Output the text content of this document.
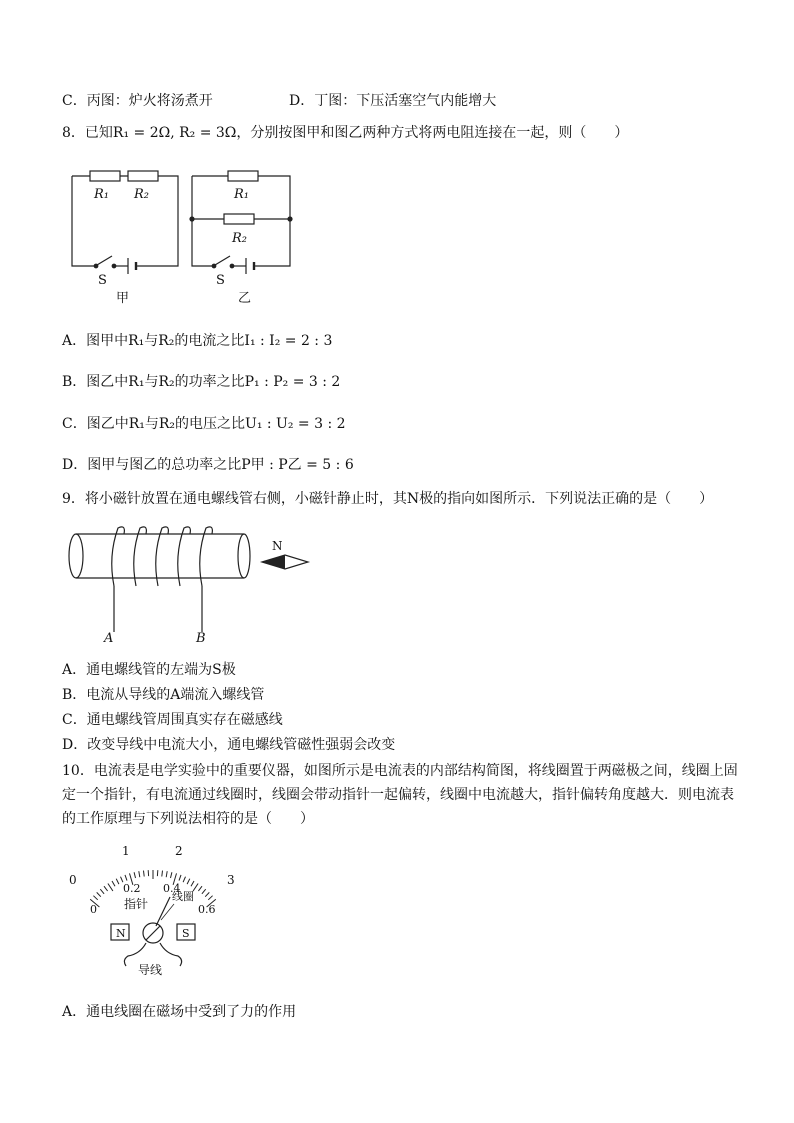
C．丙图：炉火将汤煮开	D．丁图：下压活塞空气内能增大
8．已知R₁ = 2Ω, R₂ = 3Ω，分别按图甲和图乙两种方式将两电阻连接在一起，则（　　）
R₁ R₂
S
甲
R₁
R₂
S
乙
A．图甲中R₁与R₂的电流之比I₁ : I₂ = 2 : 3
B．图乙中R₁与R₂的功率之比P₁ : P₂ = 3 : 2
C．图乙中R₁与R₂的电压之比U₁ : U₂ = 3 : 2
D．图甲与图乙的总功率之比P甲 : P乙 = 5 : 6
9．将小磁针放置在通电螺线管右侧，小磁针静止时，其N极的指向如图所示．下列说法正确的是（　　）
N
A	B
A．通电螺线管的左端为S极
B．电流从导线的A端流入螺线管
C．通电螺线管周围真实存在磁感线
D．改变导线中电流大小，通电螺线管磁性强弱会改变
10．电流表是电学实验中的重要仪器，如图所示是电流表的内部结构简图，将线圈置于两磁极之间，线圈上固
定一个指针，有电流通过线圈时，线圈会带动指针一起偏转，线圈中电流越大，指针偏转角度越大．则电流表
的工作原理与下列说法相符的是（　　）
0
1	2
3
0
0.2 0.4
0.6
指针
线圈
N	S
导线
A．通电线圈在磁场中受到了力的作用
